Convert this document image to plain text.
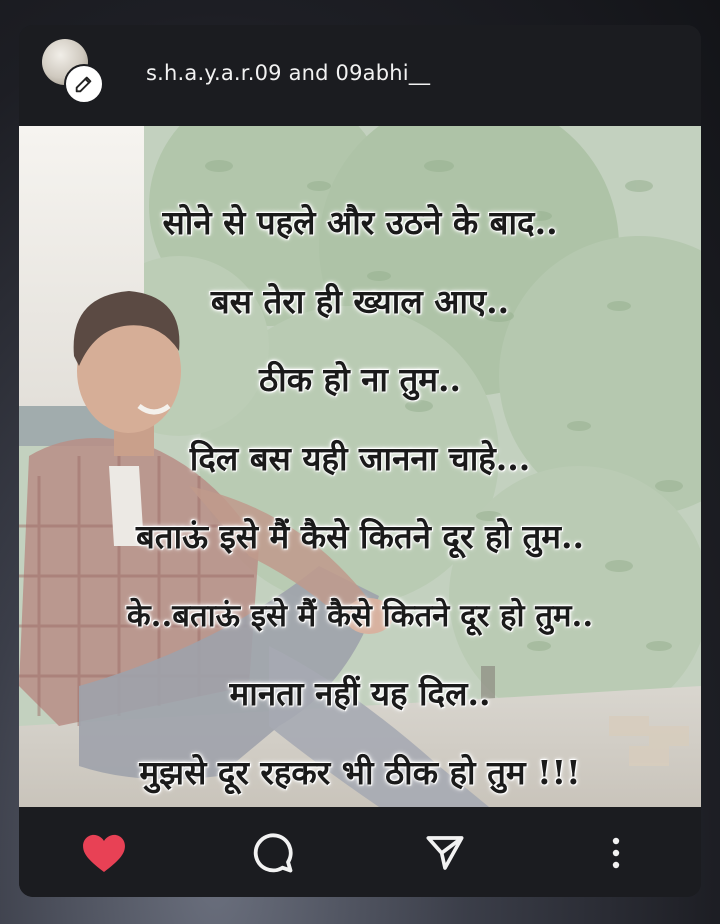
s.h.a.y.a.r.09 and 09abhi__
सोने से पहले और उठने के बाद..
बस तेरा ही ख्याल आए..
ठीक हो ना तुम..
दिल बस यही जानना चाहे...
बताऊं इसे मैं कैसे कितने दूर हो तुम..
के..बताऊं इसे मैं कैसे कितने दूर हो तुम..
मानता नहीं यह दिल..
मुझसे दूर रहकर भी ठीक हो तुम !!!
